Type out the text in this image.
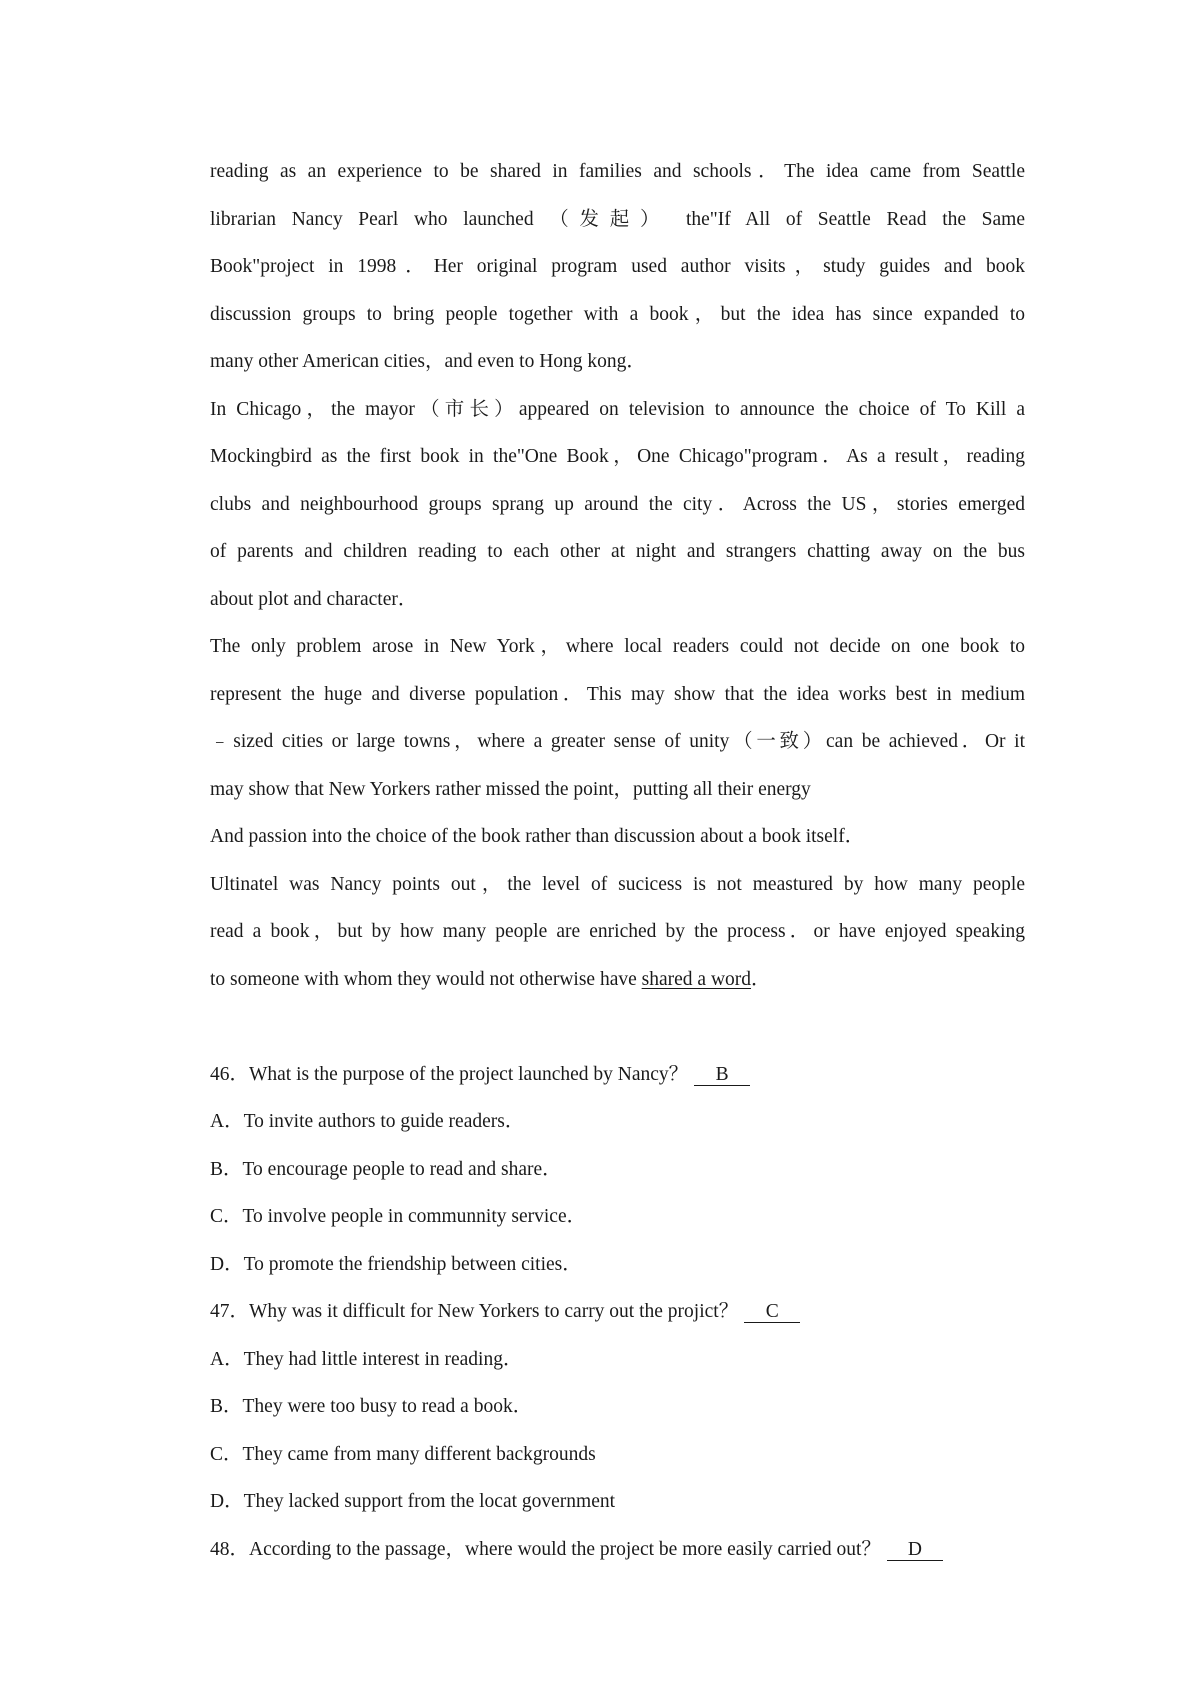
reading as an experience to be shared in families and schools．The idea came from Seattle
librarian Nancy Pearl who launched （发起） the"If All of Seattle Read the Same
Book"project in 1998．Her original program used author visits，study guides and book
discussion groups to bring people together with a book，but the idea has since expanded to
many other American cities，and even to Hong kong．
In Chicago，the mayor（市长）appeared on television to announce the choice of To Kill a
Mockingbird as the first book in the"One Book，One Chicago"program．As a result，reading
clubs and neighbourhood groups sprang up around the city．Across the US，stories emerged
of parents and children reading to each other at night and strangers chatting away on the bus
about plot and character．
The only problem arose in New York，where local readers could not decide on one book to
represent the huge and diverse population．This may show that the idea works best in medium
﹣sized cities or large towns，where a greater sense of unity（一致）can be achieved．Or it
may show that New Yorkers rather missed the point，putting all their energy
And passion into the choice of the book rather than discussion about a book itself．
Ultinatel was Nancy points out，the level of sucicess is not meastured by how many people
read a book，but by how many people are enriched by the process．or have enjoyed speaking
to someone with whom they would not otherwise have shared a word．
46．What is the purpose of the project launched by Nancy？ B
A．To invite authors to guide readers．
B．To encourage people to read and share．
C．To involve people in communnity service．
D．To promote the friendship between cities．
47．Why was it difficult for New Yorkers to carry out the projict？ C
A．They had little interest in reading．
B．They were too busy to read a book．
C．They came from many different backgrounds
D．They lacked support from the locat government
48．According to the passage，where would the project be more easily carried out？ D
